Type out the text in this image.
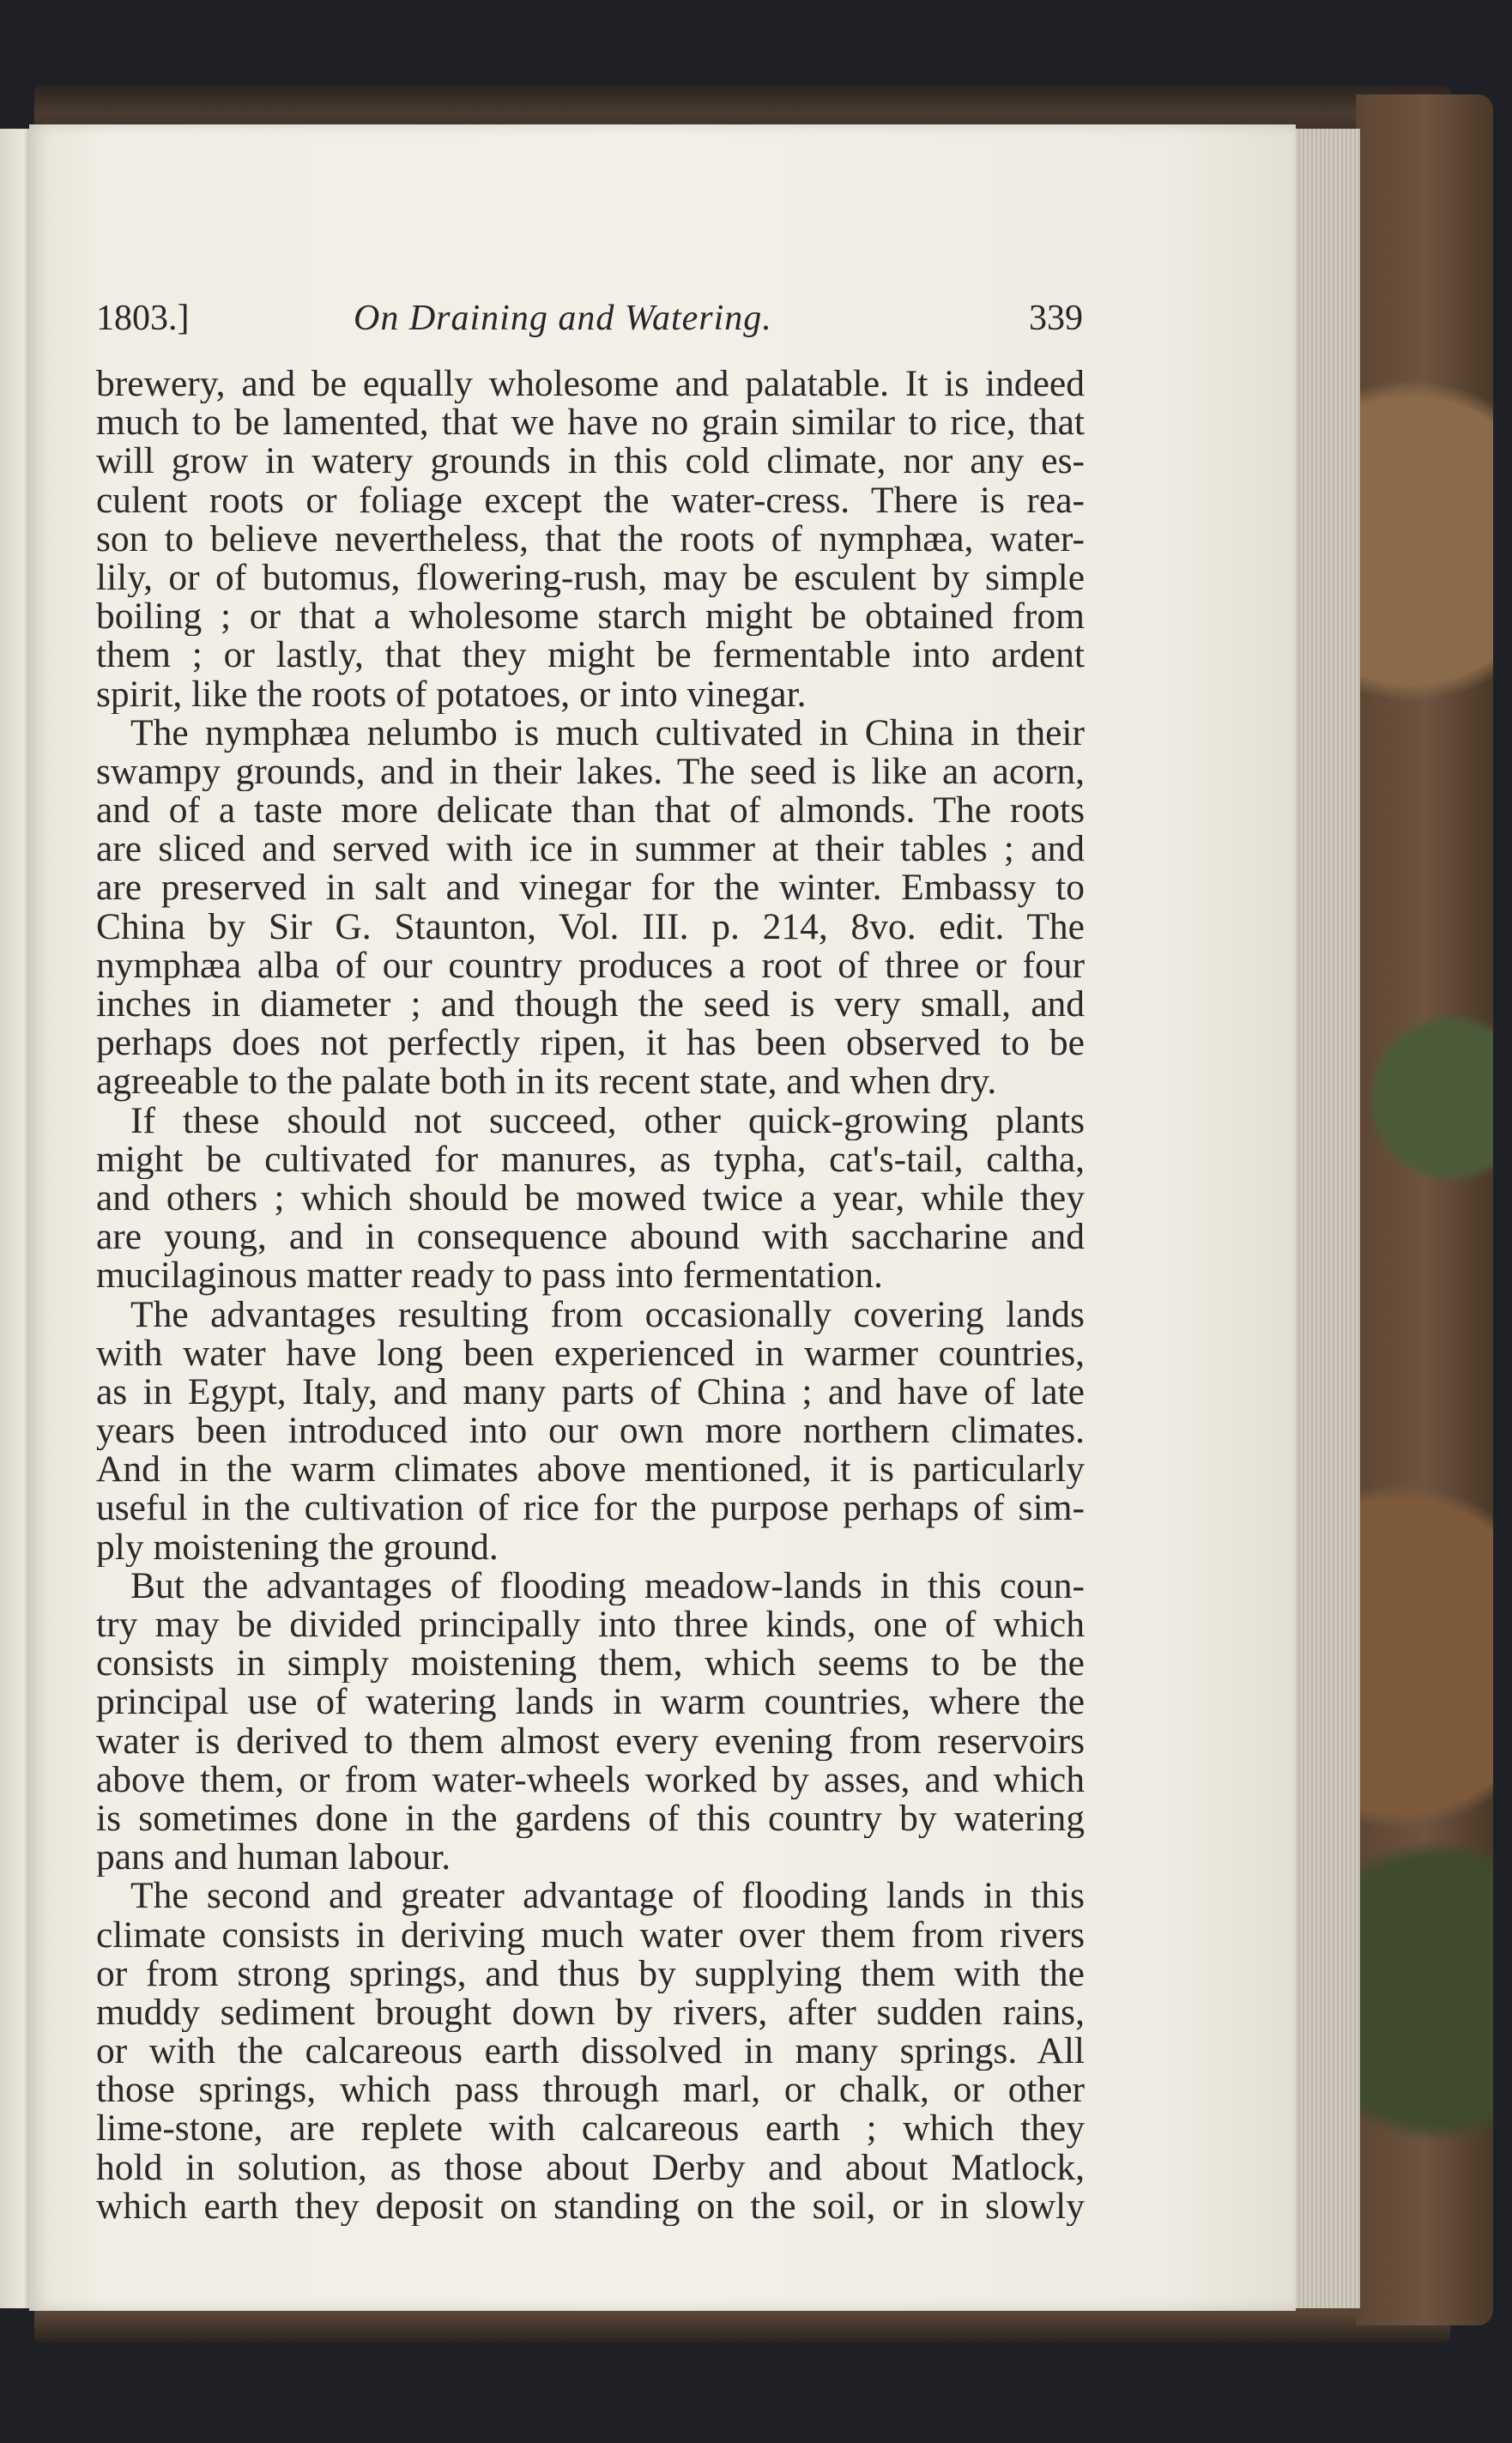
1803.]	On Draining and Watering.	339
brewery, and be equally wholesome and palatable. It is indeed
much to be lamented, that we have no grain similar to rice, that
will grow in watery grounds in this cold climate, nor any es-
culent roots or foliage except the water-cress. There is rea-
son to believe nevertheless, that the roots of nymphæa, water-
lily, or of butomus, flowering-rush, may be esculent by simple
boiling ; or that a wholesome starch might be obtained from
them ; or lastly, that they might be fermentable into ardent
spirit, like the roots of potatoes, or into vinegar.
The nymphæa nelumbo is much cultivated in China in their
swampy grounds, and in their lakes. The seed is like an acorn,
and of a taste more delicate than that of almonds. The roots
are sliced and served with ice in summer at their tables ; and
are preserved in salt and vinegar for the winter. Embassy to
China by Sir G. Staunton, Vol. III. p. 214, 8vo. edit. The
nymphæa alba of our country produces a root of three or four
inches in diameter ; and though the seed is very small, and
perhaps does not perfectly ripen, it has been observed to be
agreeable to the palate both in its recent state, and when dry.
If these should not succeed, other quick-growing plants
might be cultivated for manures, as typha, cat's-tail, caltha,
and others ; which should be mowed twice a year, while they
are young, and in consequence abound with saccharine and
mucilaginous matter ready to pass into fermentation.
The advantages resulting from occasionally covering lands
with water have long been experienced in warmer countries,
as in Egypt, Italy, and many parts of China ; and have of late
years been introduced into our own more northern climates.
And in the warm climates above mentioned, it is particularly
useful in the cultivation of rice for the purpose perhaps of sim-
ply moistening the ground.
But the advantages of flooding meadow-lands in this coun-
try may be divided principally into three kinds, one of which
consists in simply moistening them, which seems to be the
principal use of watering lands in warm countries, where the
water is derived to them almost every evening from reservoirs
above them, or from water-wheels worked by asses, and which
is sometimes done in the gardens of this country by watering
pans and human labour.
The second and greater advantage of flooding lands in this
climate consists in deriving much water over them from rivers
or from strong springs, and thus by supplying them with the
muddy sediment brought down by rivers, after sudden rains,
or with the calcareous earth dissolved in many springs. All
those springs, which pass through marl, or chalk, or other
lime-stone, are replete with calcareous earth ; which they
hold in solution, as those about Derby and about Matlock,
which earth they deposit on standing on the soil, or in slowly
